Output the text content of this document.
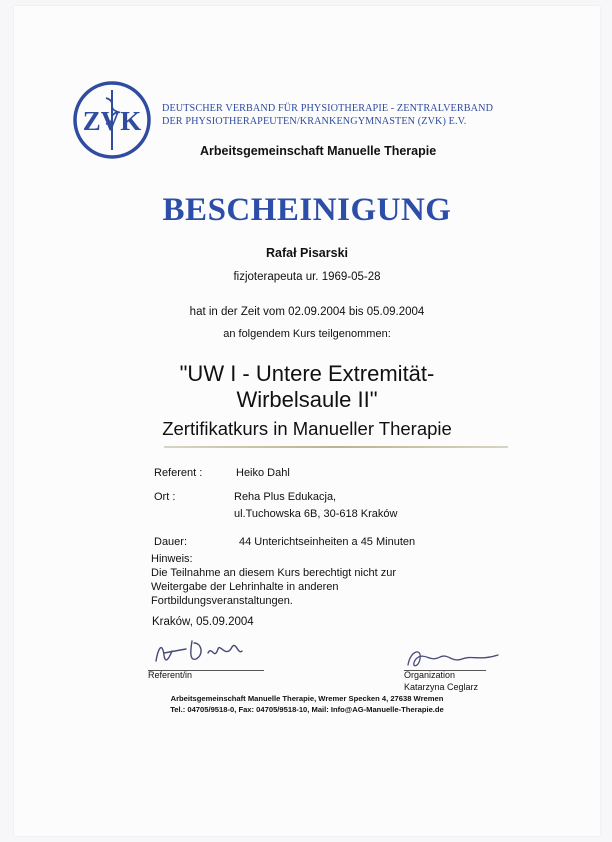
ZVK DEUTSCHER VERBAND FÜR PHYSIOTHERAPIE - ZENTRALVERBAND
DER PHYSIOTHERAPEUTEN/KRANKENGYMNASTEN (ZVK) E.V.
Arbeitsgemeinschaft Manuelle Therapie
BESCHEINIGUNG
Rafał Pisarski
fizjoterapeuta ur. 1969-05-28
hat in der Zeit vom 02.09.2004 bis 05.09.2004
an folgendem Kurs teilgenommen:
"UW I - Untere Extremität-
Wirbelsaule II"
Zertifikatkurs in Manueller Therapie
Referent :	Heiko Dahl
Ort :	Reha Plus Edukacja,
ul.Tuchowska 6B, 30-618 Kraków
Dauer:	44 Unterichtseinheiten a 45 Minuten
Hinweis:
Die Teilnahme an diesem Kurs berechtigt nicht zur
Weitergabe der Lehrinhalte in anderen
Fortbildungsveranstaltungen.
Kraków, 05.09.2004
Referent/in	Organization
Katarzyna Ceglarz
Arbeitsgemeinschaft Manuelle Therapie, Wremer Specken 4, 27638 Wremen
Tel.: 04705/9518-0, Fax: 04705/9518-10, Mail: Info@AG-Manuelle-Therapie.de
